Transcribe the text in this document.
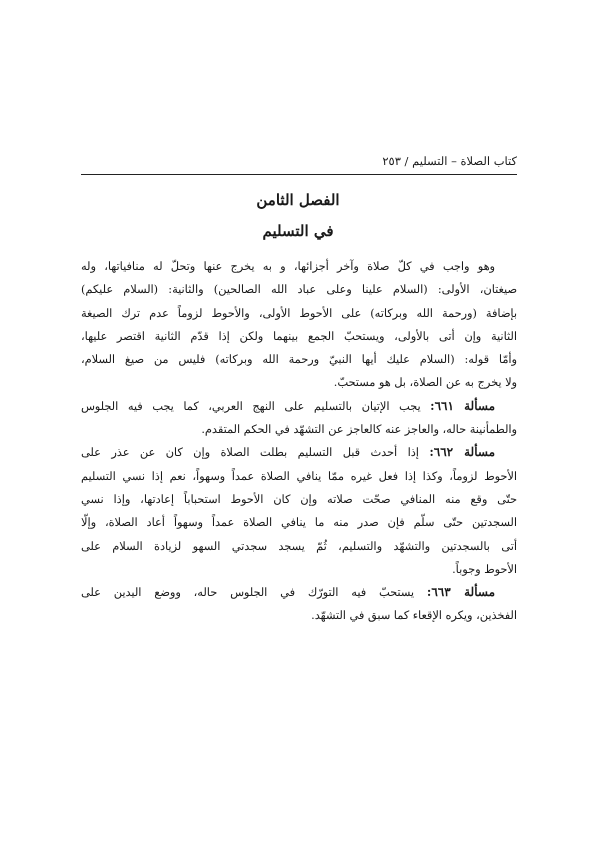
كتاب الصلاة – التسليم / ٢٥٣
الفصل الثامن
في التسليم
وهو واجب في كلّ صلاة وآخر أجزائها، و به يخرج عنها وتحلّ له منافياتها، وله
صيغتان، الأولى: (السلام علينا وعلى عباد الله الصالحين) والثانية: (السلام عليكم)
بإضافة (ورحمة الله وبركاته) على الأحوط الأولى، والأحوط لزوماً عدم ترك الصيغة
الثانية وإن أتى بالأولى، ويستحبّ الجمع بينهما ولكن إذا قدّم الثانية اقتصر عليها،
وأمّا قوله: (السلام عليك أيها النبيّ ورحمة الله وبركاته) فليس من صيغ السلام،
ولا يخرج به عن الصلاة، بل هو مستحبّ.
مسألة ٦٦١: يجب الإتيان بالتسليم على النهج العربي، كما يجب فيه الجلوس
والطمأنينة حاله، والعاجز عنه كالعاجز عن التشهّد في الحكم المتقدم.
مسألة ٦٦٢: إذا أحدث قبل التسليم بطلت الصلاة وإن كان عن عذر على
الأحوط لزوماً، وكذا إذا فعل غيره ممّا ينافي الصلاة عمداً وسهواً، نعم إذا نسي التسليم
حتّى وقع منه المنافي صحّت صلاته وإن كان الأحوط استحباباً إعادتها، وإذا نسي
السجدتين حتّى سلّم فإن صدر منه ما ينافي الصلاة عمداً وسهواً أعاد الصلاة، وإلّا
أتى بالسجدتين والتشهّد والتسليم، ثُمّ يسجد سجدتي السهو لزيادة السلام على
الأحوط وجوباً.
مسألة ٦٦٣: يستحبّ فيه التورّك في الجلوس حاله، ووضع اليدين على
الفخذين، ويكره الإقعاء كما سبق في التشهّد.
